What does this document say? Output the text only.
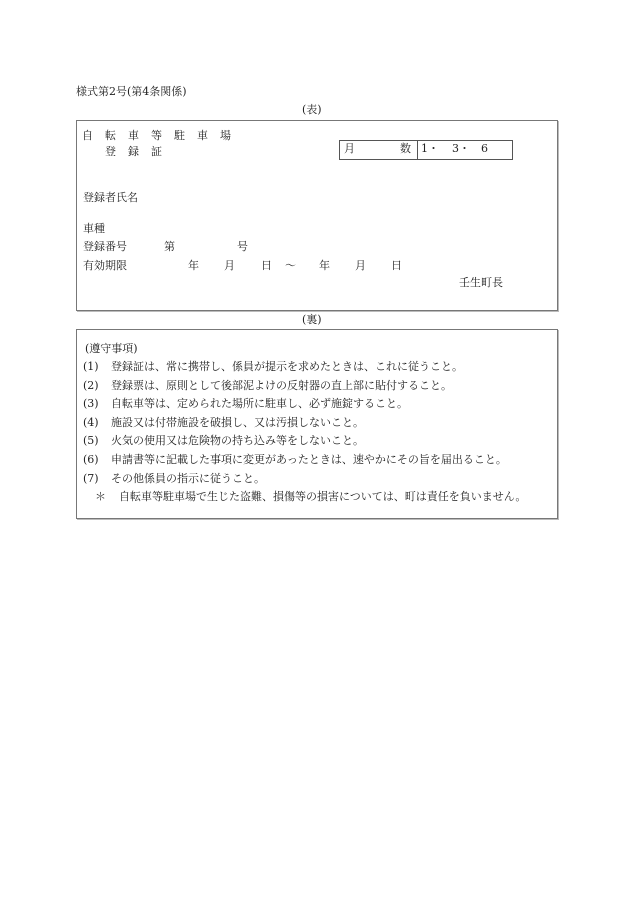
様式第2号(第4条関係)
(表)
自 転 車 等 駐 車 場
登 録 証	月	数 1・ 3・ 6
登録者氏名
車種
登録番号	第	号
有効期限	年 月 日 ～ 年 月 日
壬生町長
(裏)
(遵守事項)
(1) 登録証は、常に携帯し、係員が提示を求めたときは、これに従うこと。
(2) 登録票は、原則として後部泥よけの反射器の直上部に貼付すること。
(3) 自転車等は、定められた場所に駐車し、必ず施錠すること。
(4) 施設又は付帯施設を破損し、又は汚損しないこと。
(5) 火気の使用又は危険物の持ち込み等をしないこと。
(6) 申請書等に記載した事項に変更があったときは、速やかにその旨を届出ること。
(7) その他係員の指示に従うこと。
＊ 自転車等駐車場で生じた盗難、損傷等の損害については、町は責任を負いません。
